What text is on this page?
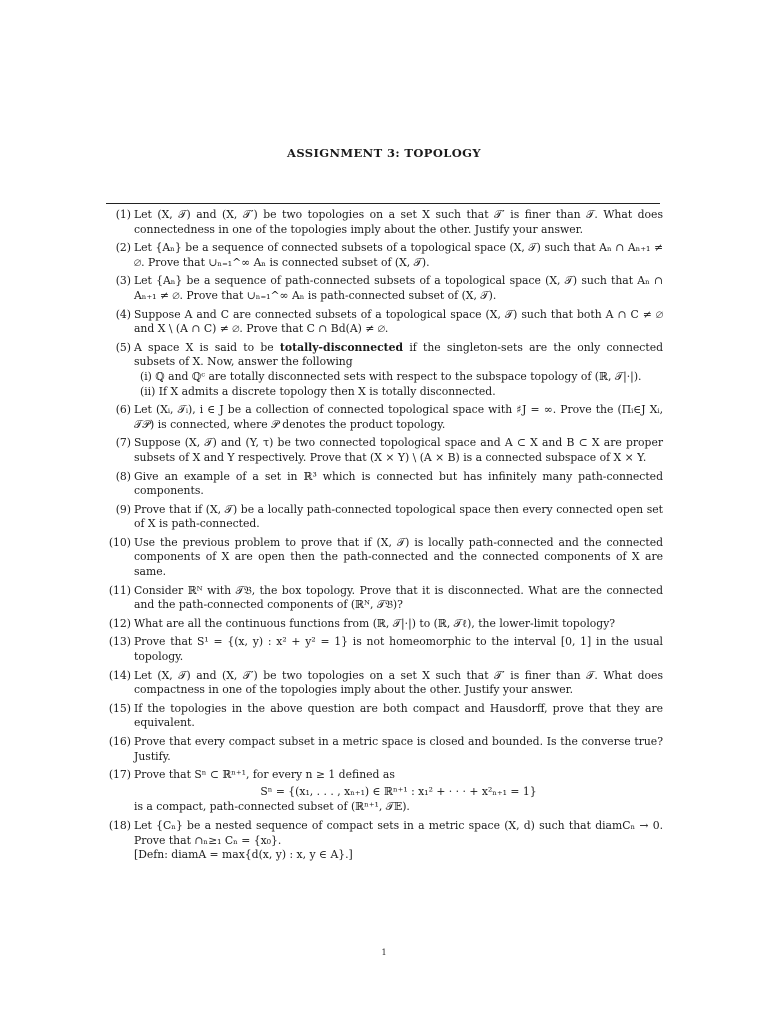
ASSIGNMENT 3: TOPOLOGY
(1) Let (X, 𝒯) and (X, 𝒯′) be two topologies on a set X such that 𝒯′ is finer than 𝒯. What does connectedness in one of the topologies imply about the other. Justify your answer.
(2) Let {Aₙ} be a sequence of connected subsets of a topological space (X, 𝒯) such that Aₙ ∩ Aₙ₊₁ ≠ ∅. Prove that ∪ₙ₌₁^∞ Aₙ is connected subset of (X, 𝒯).
(3) Let {Aₙ} be a sequence of path-connected subsets of a topological space (X, 𝒯) such that Aₙ ∩ Aₙ₊₁ ≠ ∅. Prove that ∪ₙ₌₁^∞ Aₙ is path-connected subset of (X, 𝒯).
(4) Suppose A and C are connected subsets of a topological space (X, 𝒯) such that both A ∩ C ≠ ∅ and X \ (A ∩ C) ≠ ∅. Prove that C ∩ Bd(A) ≠ ∅.
(5) A space X is said to be totally-disconnected if the singleton-sets are the only connected subsets of X. Now, answer the following
(i) ℚ and ℚᶜ are totally disconnected sets with respect to the subspace topology of (ℝ, 𝒯|·|).
(ii) If X admits a discrete topology then X is totally disconnected.
(6) Let (Xᵢ, 𝒯ᵢ), i ∈ J be a collection of connected topological space with ♯J = ∞. Prove the (Πᵢ∈J Xᵢ, 𝒯𝒫) is connected, where 𝒫 denotes the product topology.
(7) Suppose (X, 𝒯) and (Y, τ) be two connected topological space and A ⊂ X and B ⊂ X are proper subsets of X and Y respectively. Prove that (X × Y) \ (A × B) is a connected subspace of X × Y.
(8) Give an example of a set in ℝ³ which is connected but has infinitely many path-connected components.
(9) Prove that if (X, 𝒯) be a locally path-connected topological space then every connected open set of X is path-connected.
(10) Use the previous problem to prove that if (X, 𝒯) is locally path-connected and the connected components of X are open then the path-connected and the connected components of X are same.
(11) Consider ℝᴺ with 𝒯𝔅, the box topology. Prove that it is disconnected. What are the connected and the path-connected components of (ℝᴺ, 𝒯𝔅)?
(12) What are all the continuous functions from (ℝ, 𝒯|·|) to (ℝ, 𝒯ℓ), the lower-limit topology?
(13) Prove that S¹ = {(x, y) : x² + y² = 1} is not homeomorphic to the interval [0, 1] in the usual topology.
(14) Let (X, 𝒯) and (X, 𝒯′) be two topologies on a set X such that 𝒯′ is finer than 𝒯. What does compactness in one of the topologies imply about the other. Justify your answer.
(15) If the topologies in the above question are both compact and Hausdorff, prove that they are equivalent.
(16) Prove that every compact subset in a metric space is closed and bounded. Is the converse true? Justify.
(17) Prove that Sⁿ ⊂ ℝⁿ⁺¹, for every n ≥ 1 defined as
Sⁿ = {(x₁, . . . , xₙ₊₁) ∈ ℝⁿ⁺¹ : x₁² + · · · + x²ₙ₊₁ = 1}
is a compact, path-connected subset of (ℝⁿ⁺¹, 𝒯𝔼).
(18) Let {Cₙ} be a nested sequence of compact sets in a metric space (X, d) such that diamCₙ → 0. Prove that ∩ₙ≥₁ Cₙ = {x₀}.
[Defn: diamA = max{d(x, y) : x, y ∈ A}.]
1
